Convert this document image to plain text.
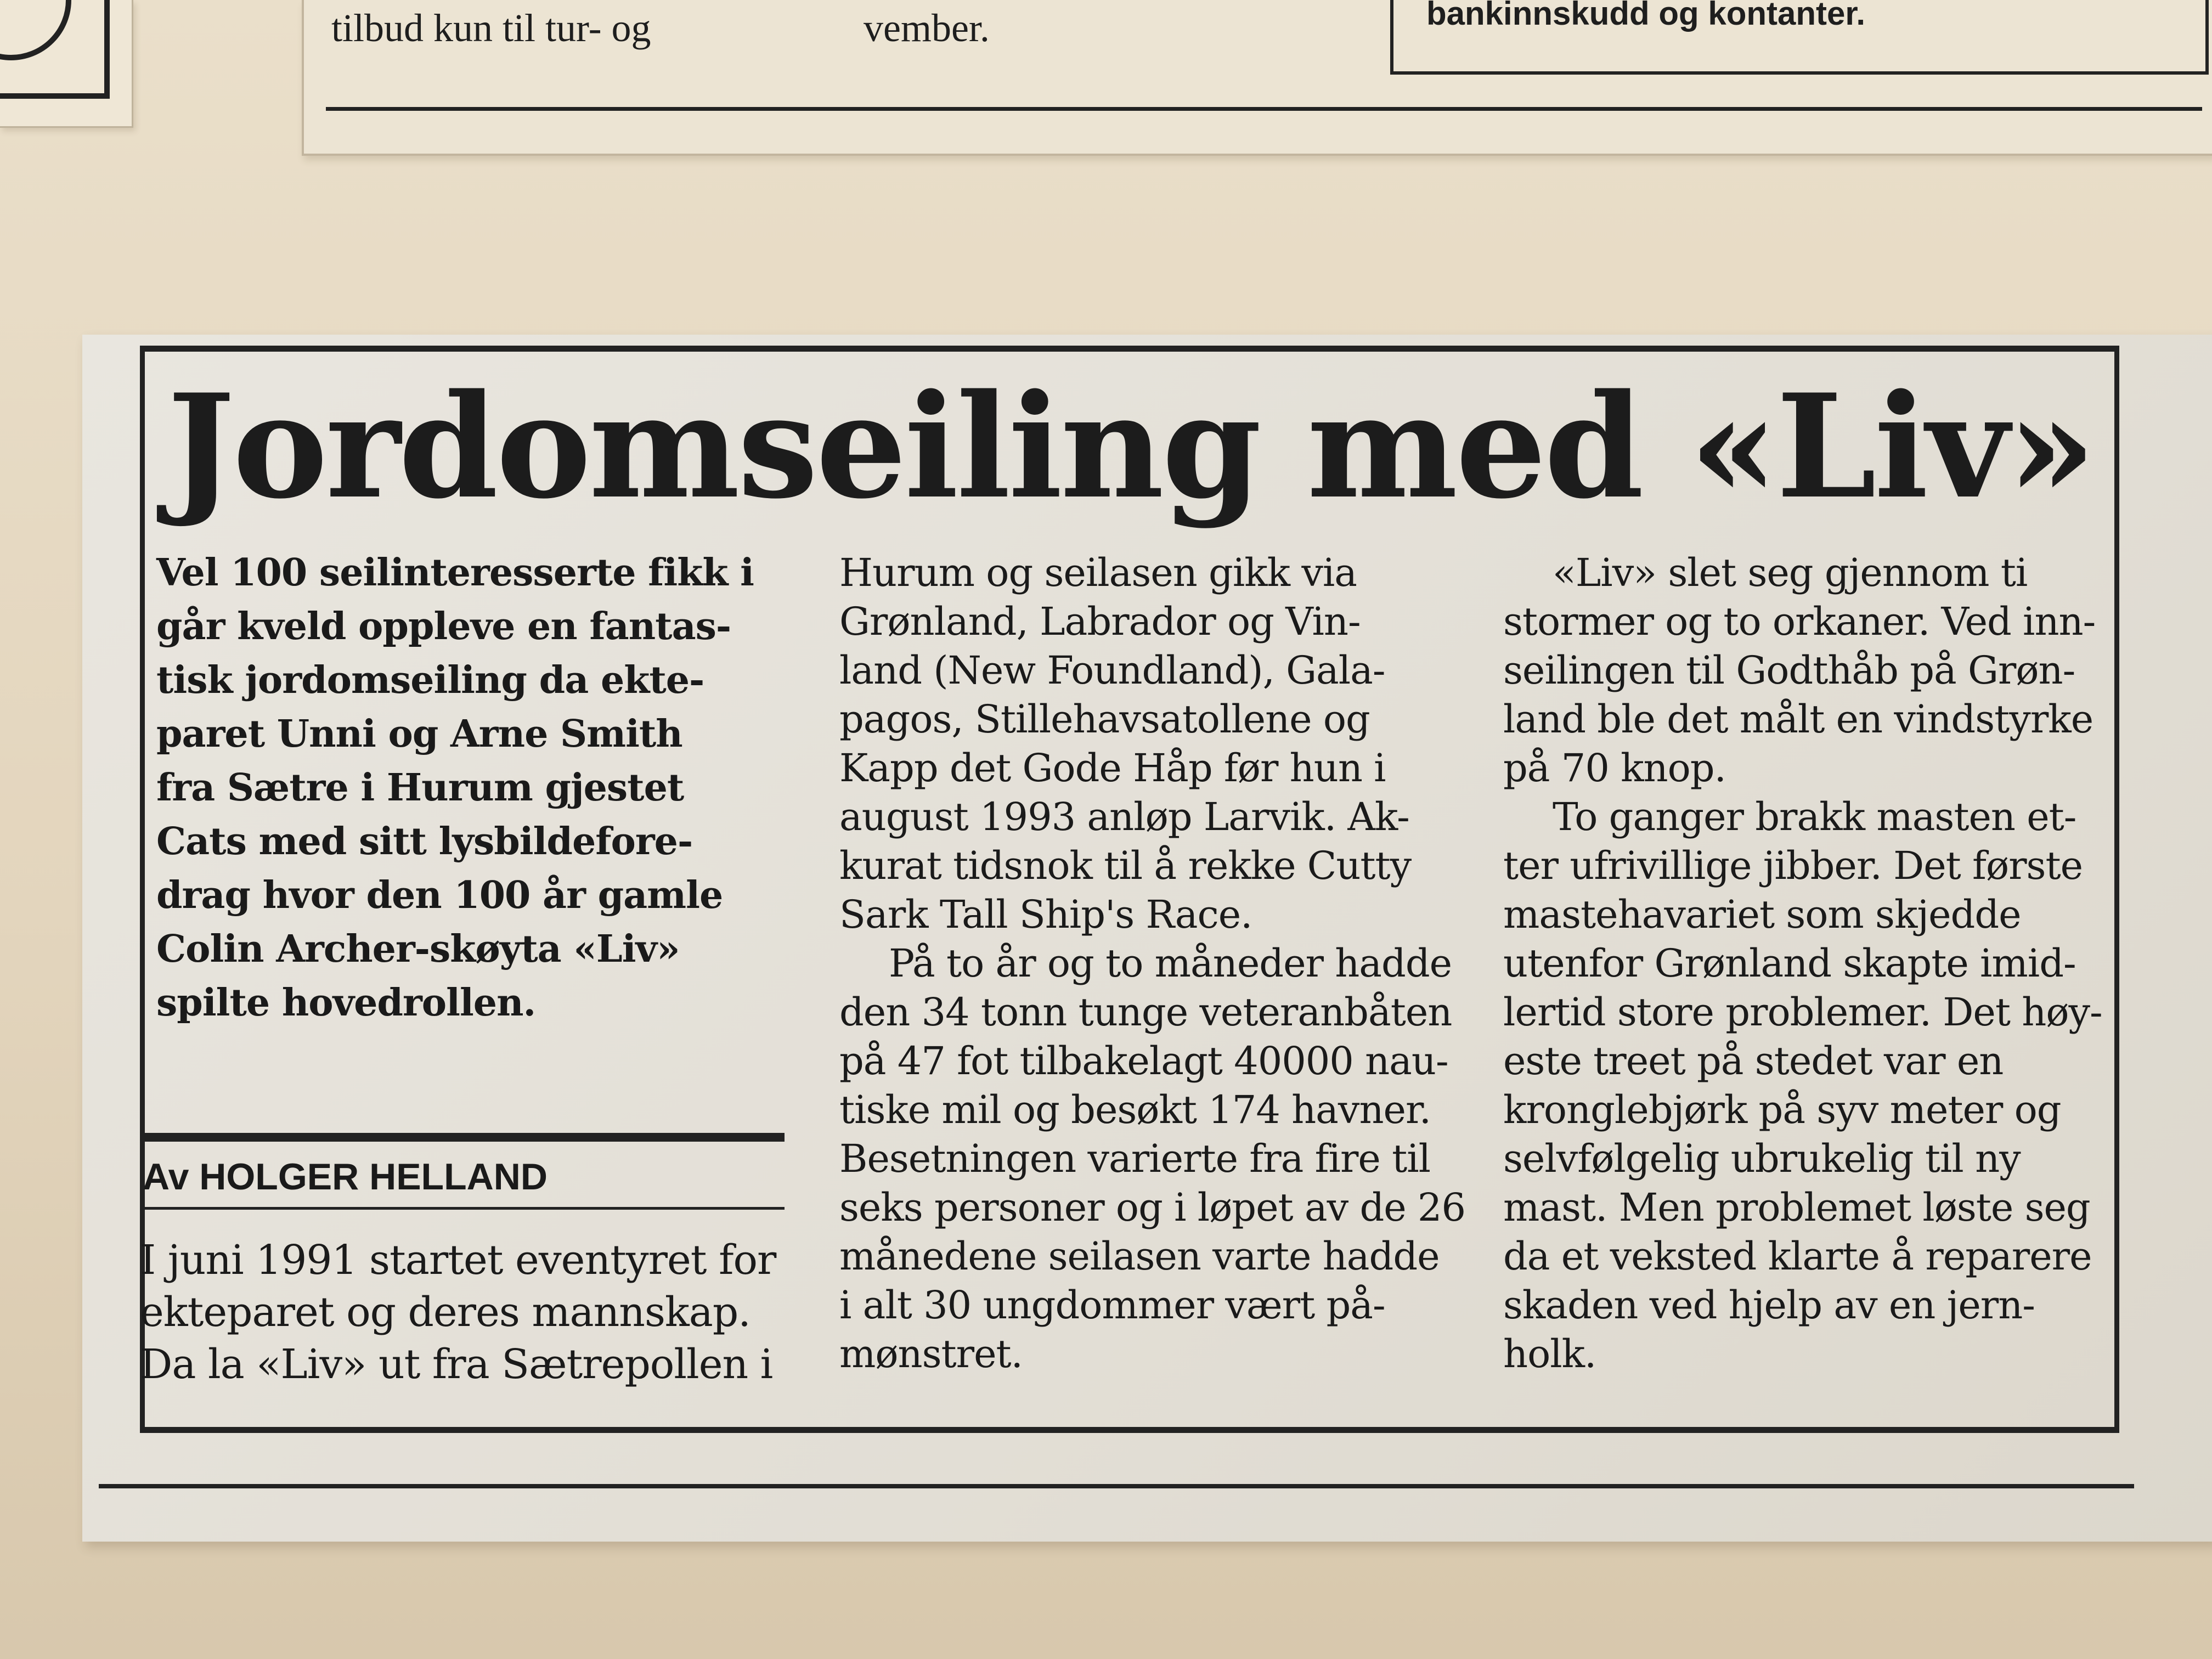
tilbud kun til tur- og	vember.	bankinnskudd og kontanter.
Jordomseiling med «Liv»

Vel 100 seilinteresserte fikk i

går kveld oppleve en fantas-

tisk jordomseiling da ekte-

paret Unni og Arne Smith

fra Sætre i Hurum gjestet

Cats med sitt lysbildefore-

drag hvor den 100 år gamle

Colin Archer-skøyta «Liv»

spilte hovedrollen.

Av HOLGER HELLAND

I juni 1991 startet eventyret for

ekteparet og deres mannskap.

Da la «Liv» ut fra Sætrepollen i

Hurum og seilasen gikk via

Grønland, Labrador og Vin-

land (New Foundland), Gala-

pagos, Stillehavsatollene og

Kapp det Gode Håp før hun i

august 1993 anløp Larvik. Ak-

kurat tidsnok til å rekke Cutty

Sark Tall Ship's Race.

På to år og to måneder hadde

den 34 tonn tunge veteranbåten

på 47 fot tilbakelagt 40000 nau-

tiske mil og besøkt 174 havner.

Besetningen varierte fra fire til

seks personer og i løpet av de 26

månedene seilasen varte hadde

i alt 30 ungdommer vært på-

mønstret.

«Liv» slet seg gjennom ti

stormer og to orkaner. Ved inn-

seilingen til Godthåb på Grøn-

land ble det målt en vindstyrke

på 70 knop.

To ganger brakk masten et-

ter ufrivillige jibber. Det første

mastehavariet som skjedde

utenfor Grønland skapte imid-

lertid store problemer. Det høy-

este treet på stedet var en

kronglebjørk på syv meter og

selvfølgelig ubrukelig til ny

mast. Men problemet løste seg

da et veksted klarte å reparere

skaden ved hjelp av en jern-

holk.
